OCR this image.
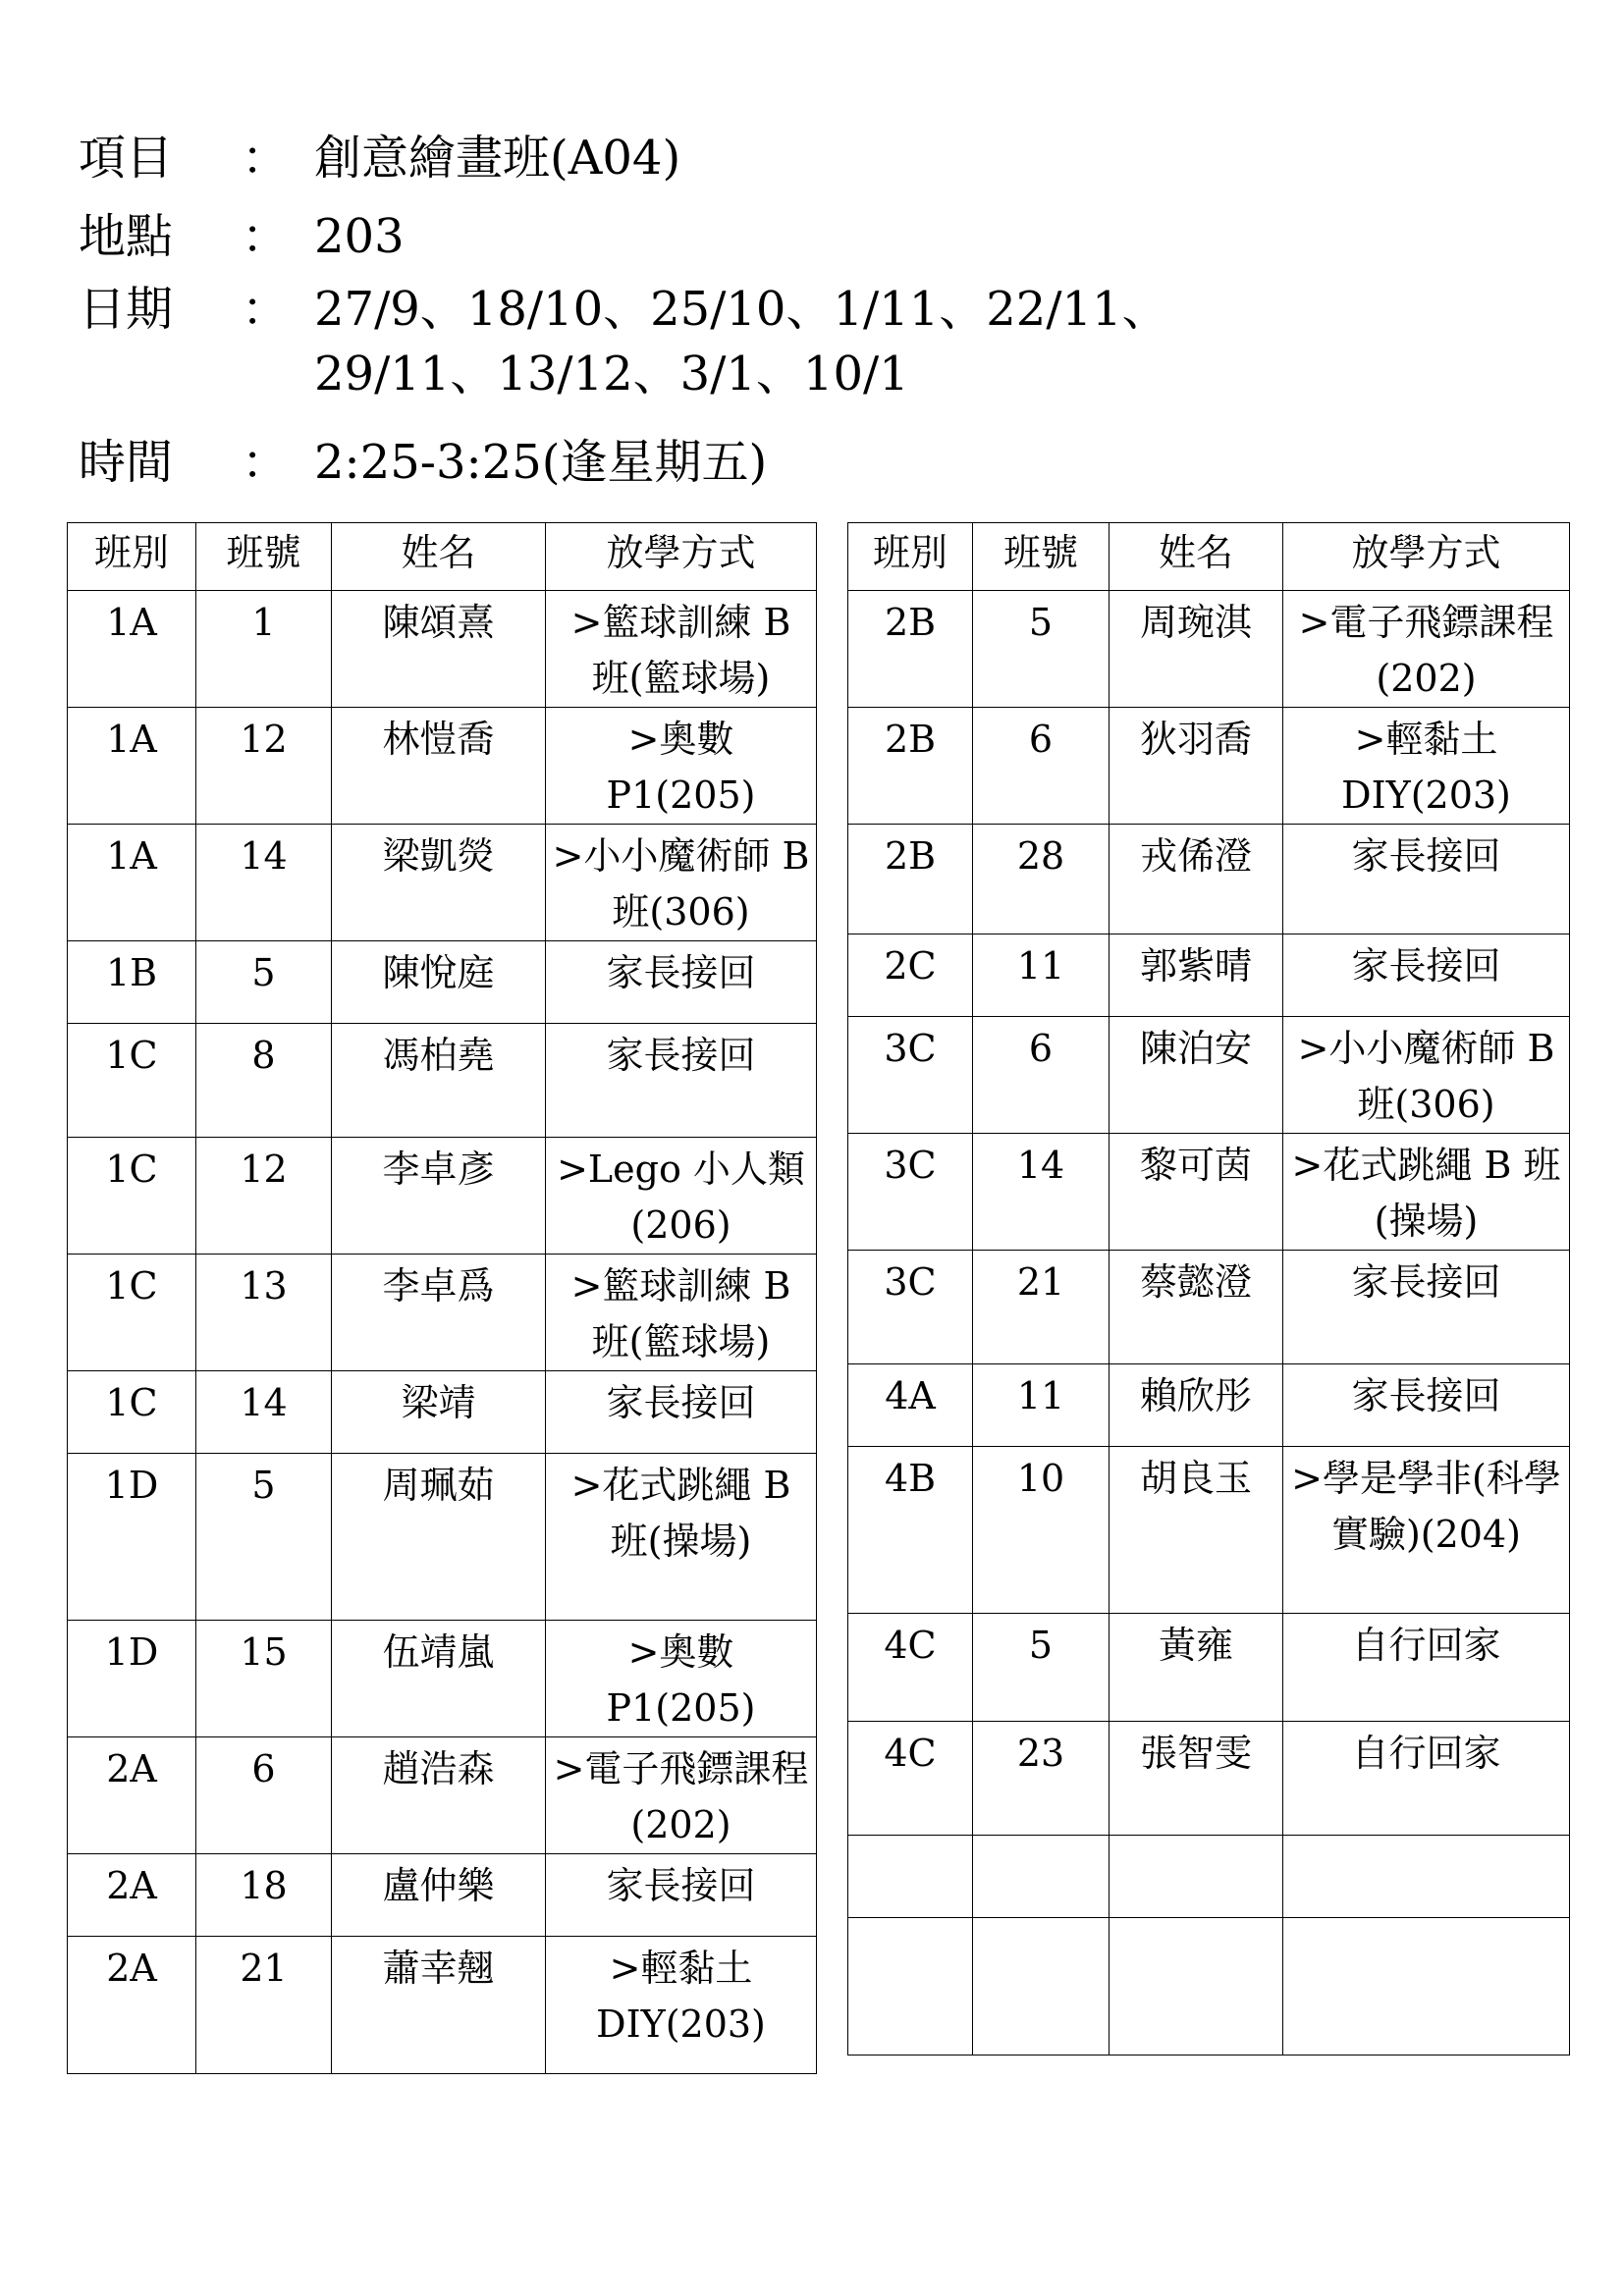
項目	： 創意繪畫班(A04)
地點	： 203
日期	： 27/9、18/10、25/10、1/11、22/11、
29/11、13/12、3/1、10/1
時間	： 2:25-3:25(逢星期五)
班別	班號	姓名	放學方式
1A	1	陳頌熹	>籃球訓練 B 班(籃球場)
1A	12	林愷喬	>奧數 P1(205)
1A	14	梁凱熒	>小小魔術師 B 班(306)
1B	5	陳悅庭	家長接回
1C	8	馮柏堯	家長接回
1C	12	李卓彥	>Lego 小人類(206)
1C	13	李卓爲	>籃球訓練 B 班(籃球場)
1C	14	梁靖	家長接回
1D	5	周珮茹	>花式跳繩 B 班(操場)
1D	15	伍靖嵐	>奧數 P1(205)
2A	6	趙浩森	>電子飛鏢課程(202)
2A	18	盧仲樂	家長接回
2A	21	蕭幸翹	>輕黏土 DIY(203)
班別	班號	姓名	放學方式
2B	5	周琬淇	>電子飛鏢課程(202)
2B	6	狄羽喬	>輕黏土 DIY(203)
2B	28	戎俙澄	家長接回
2C	11	郭紫晴	家長接回
3C	6	陳泊安	>小小魔術師 B 班(306)
3C	14	黎可茵	>花式跳繩 B 班(操場)
3C	21	蔡懿澄	家長接回
4A	11	賴欣彤	家長接回
4B	10	胡良玉	>學是學非(科學實驗)(204)
4C	5	黃雍	自行回家
4C	23	張智雯	自行回家
